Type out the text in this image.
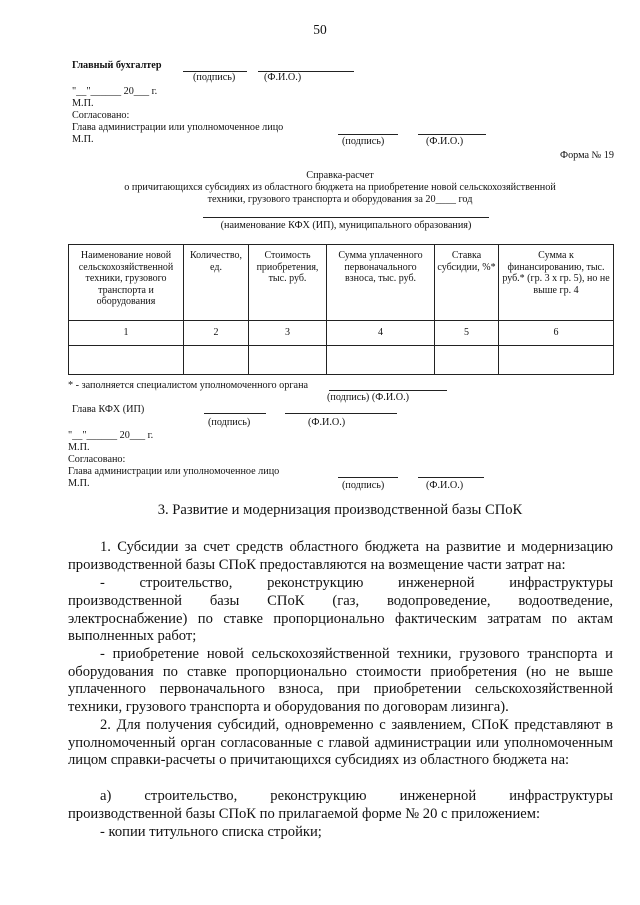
50
Главный бухгалтер
(подпись)	(Ф.И.О.)
"__"______ 20___ г.
М.П.
Согласовано:
Глава администрации или уполномоченное лицо
М.П.	(подпись)	(Ф.И.О.)
Форма № 19
Справка-расчет
о причитающихся субсидиях из областного бюджета на приобретение новой сельскохозяйственной
техники, грузового транспорта и оборудования за 20____ год
(наименование КФХ (ИП), муниципального образования)
Наименование новой сельскохозяйственной техники, грузового транспорта и оборудования	Количество, ед.	Стоимость приобретения, тыс. руб.	Сумма уплаченного первоначального взноса, тыс. руб.	Ставка субсидии, %*	Сумма к финансированию, тыс. руб.* (гр. 3 х гр. 5), но не выше гр. 4
1	2	3	4	5	6

* - заполняется специалистом уполномоченного органа
(подпись) (Ф.И.О.)
Глава КФХ (ИП)
(подпись)	(Ф.И.О.)
"__"______ 20___ г.
М.П.
Согласовано:
Глава администрации или уполномоченное лицо
М.П.	(подпись)	(Ф.И.О.)
3. Развитие и модернизация производственной базы СПоК
1. Субсидии за счет средств областного бюджета на развитие и модернизацию
производственной базы СПоК предоставляются на возмещение части затрат на:
- строительство, реконструкцию инженерной инфраструктуры
производственной базы СПоК (газ, водопроведение, водоотведение, электроснабжение) по ставке пропорционально фактическим затратам по актам выполненных работ;
- приобретение новой сельскохозяйственной техники, грузового транспорта и оборудования по ставке пропорционально стоимости приобретения (но не выше уплаченного первоначального взноса, при приобретении сельскохозяйственной техники, грузового транспорта и оборудования по договорам лизинга).
2. Для получения субсидий, одновременно с заявлением, СПоК представляют в уполномоченный орган согласованные с главой администрации или уполномоченным лицом справки-расчеты о причитающихся субсидиях из областного бюджета на:
а) строительство, реконструкцию инженерной инфраструктуры
производственной базы СПоК по прилагаемой форме № 20 с приложением:
- копии титульного списка стройки;
